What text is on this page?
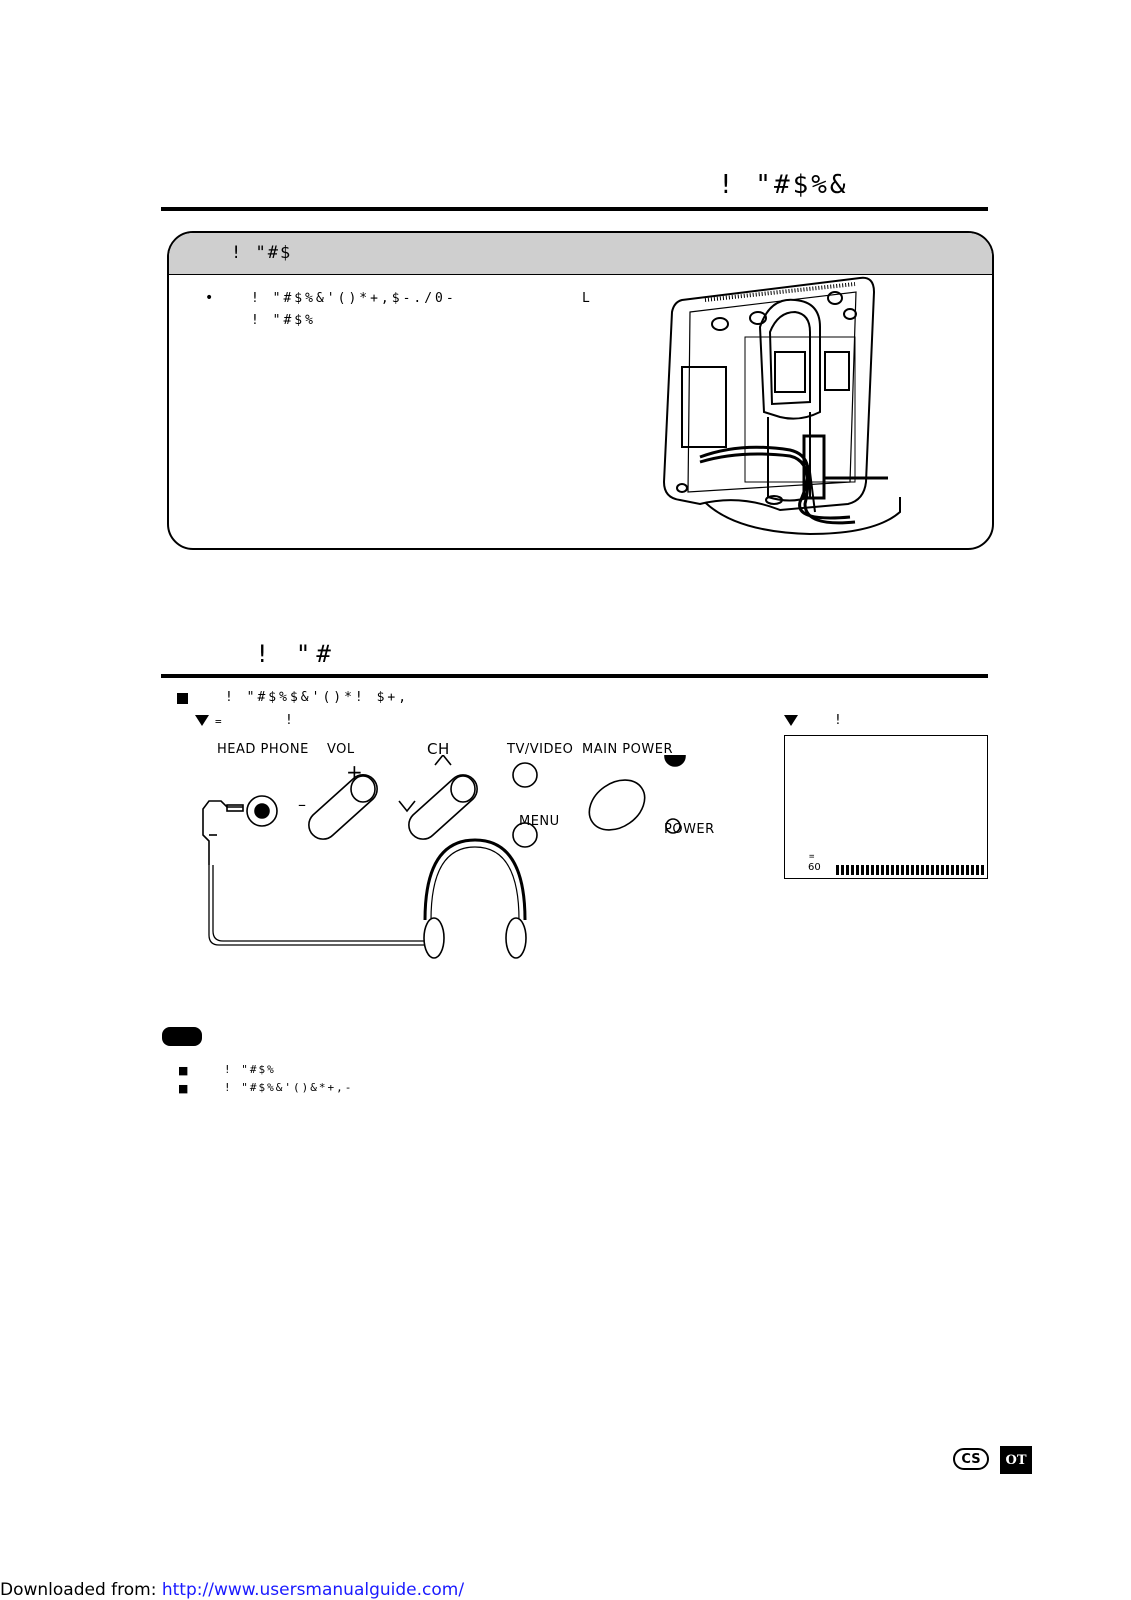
! "#$%&
! "#$
•	! "#$%&'()*+,$-./0-	L
! "#$%
! "#
! "#$%$&'()*! $+,
=	!	!
HEAD PHONE VOL	CH	TV/VIDEO MAIN POWER
MENU
POWER
+
–
=
60
■	! "#$%
■	! "#$%&'()&*+,-
CS	OT
Downloaded from: http://www.usersmanualguide.com/
